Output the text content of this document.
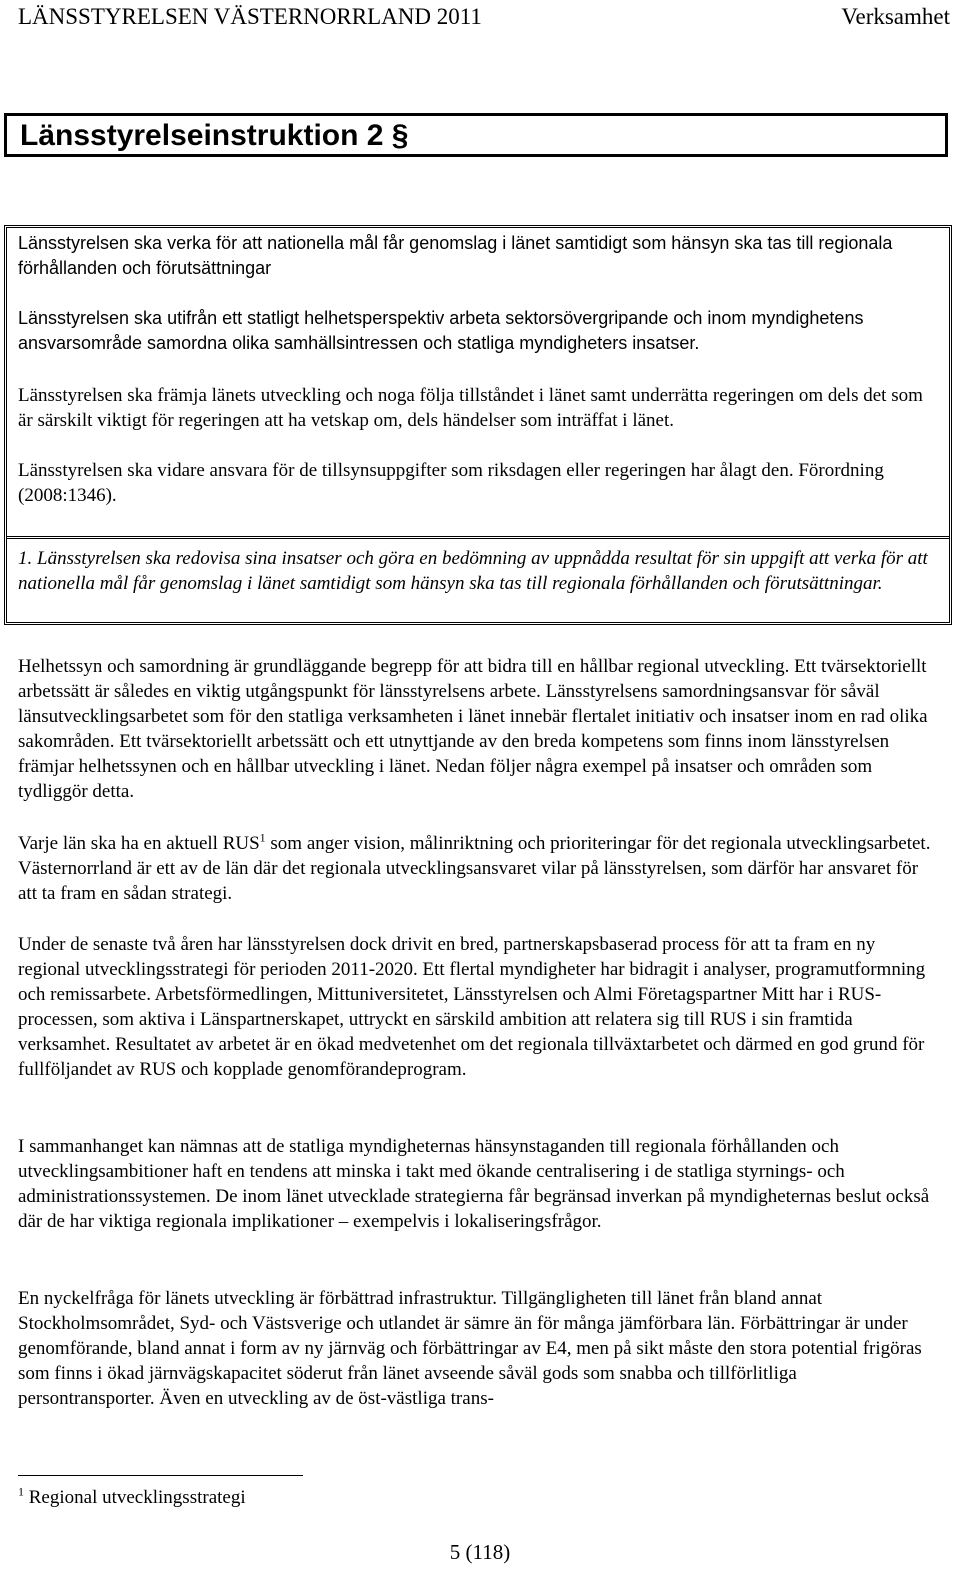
LÄNSSTYRELSEN VÄSTERNORRLAND 2011	Verksamhet
Länsstyrelseinstruktion 2 §

Länsstyrelsen ska verka för att nationella mål får genomslag i länet samtidigt som hänsyn ska tas till regionala förhållanden och förutsättningar

Länsstyrelsen ska utifrån ett statligt helhetsperspektiv arbeta sektorsövergripande och inom myndighetens ansvarsområde samordna olika samhällsintressen och statliga myndigheters insatser.

Länsstyrelsen ska främja länets utveckling och noga följa tillståndet i länet samt underrätta regeringen om dels det som är särskilt viktigt för regeringen att ha vetskap om, dels händelser som inträffat i länet.

Länsstyrelsen ska vidare ansvara för de tillsynsuppgifter som riksdagen eller regeringen har ålagt den. Förordning (2008:1346).

1. Länsstyrelsen ska redovisa sina insatser och göra en bedömning av uppnådda resultat för sin uppgift att verka för att nationella mål får genomslag i länet samtidigt som hänsyn ska tas till regionala förhållanden och förutsättningar.

Helhetssyn och samordning är grundläggande begrepp för att bidra till en hållbar regional utveckling. Ett tvärsektoriellt arbetssätt är således en viktig utgångspunkt för länsstyrelsens arbete. Länsstyrelsens samordningsansvar för såväl länsutvecklingsarbetet som för den statliga verksamheten i länet innebär flertalet initiativ och insatser inom en rad olika sakområden. Ett tvärsektoriellt arbetssätt och ett utnyttjande av den breda kompetens som finns inom länsstyrelsen främjar helhetssynen och en hållbar utveckling i länet. Nedan följer några exempel på insatser och områden som tydliggör detta.

Varje län ska ha en aktuell RUS$^1$ som anger vision, målinriktning och prioriteringar för det regionala utvecklingsarbetet. Västernorrland är ett av de län där det regionala utvecklingsansvaret vilar på länsstyrelsen, som därför har ansvaret för att ta fram en sådan strategi.

Under de senaste två åren har länsstyrelsen dock drivit en bred, partnerskapsbaserad process för att ta fram en ny regional utvecklingsstrategi för perioden 2011-2020. Ett flertal myndigheter har bidragit i analyser, programutformning och remissarbete. Arbetsförmedlingen, Mittuniversitetet, Länsstyrelsen och Almi Företagspartner Mitt har i RUS-processen, som aktiva i Länspartnerskapet, uttryckt en särskild ambition att relatera sig till RUS i sin framtida verksamhet. Resultatet av arbetet är en ökad medvetenhet om det regionala tillväxtarbetet och därmed en god grund för fullföljandet av RUS och kopplade genomförandeprogram.

I sammanhanget kan nämnas att de statliga myndigheternas hänsynstaganden till regionala förhållanden och utvecklingsambitioner haft en tendens att minska i takt med ökande centralisering i de statliga styrnings- och administrationssystemen. De inom länet utvecklade strategierna får begränsad inverkan på myndigheternas beslut också där de har viktiga regionala implikationer – exempelvis i lokaliseringsfrågor.

En nyckelfråga för länets utveckling är förbättrad infrastruktur. Tillgängligheten till länet från bland annat Stockholmsområdet, Syd- och Västsverige och utlandet är sämre än för många jämförbara län. Förbättringar är under genomförande, bland annat i form av ny järnväg och förbättringar av E4, men på sikt måste den stora potential frigöras som finns i ökad järnvägskapacitet söderut från länet avseende såväl gods som snabba och tillförlitliga persontransporter. Även en utveckling av de öst-västliga trans-

$^1$ Regional utvecklingsstrategi
5 (118)
